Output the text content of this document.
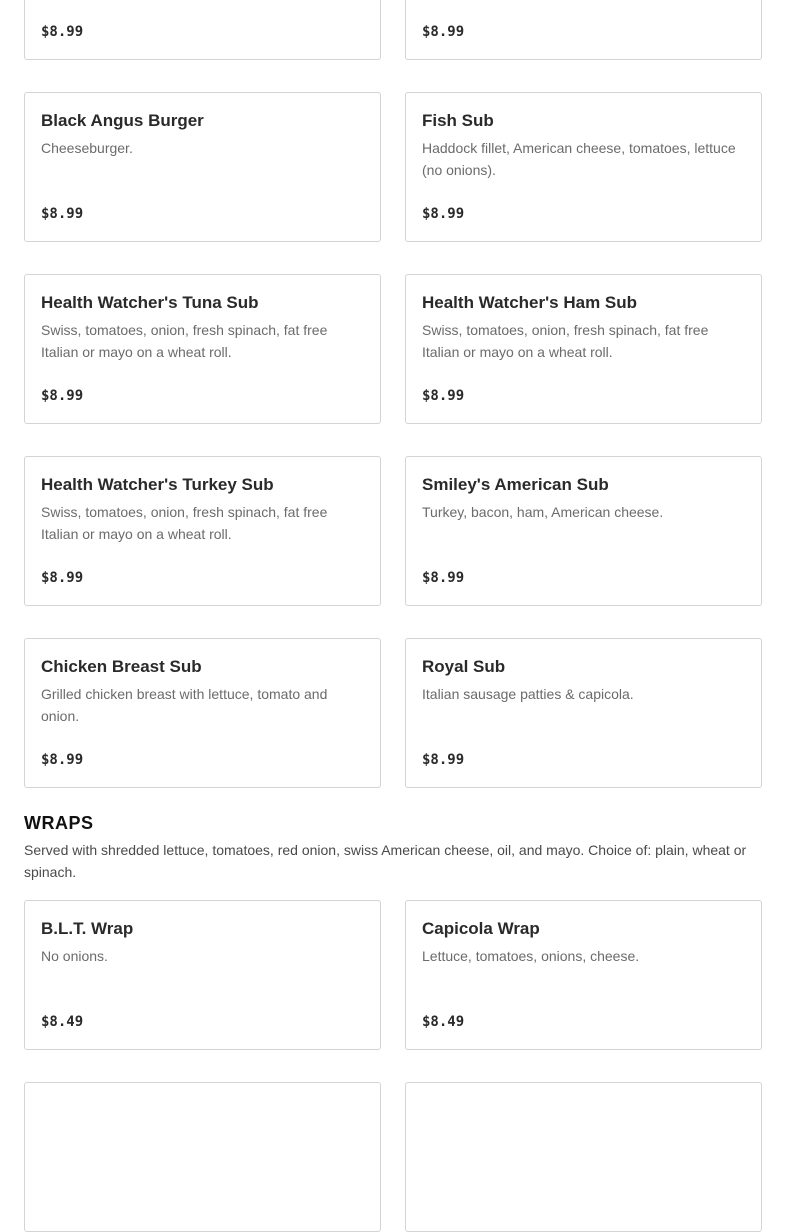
$8.99	$8.99
Black Angus Burger
Cheeseburger.
$8.99
Fish Sub
Haddock fillet, American cheese, tomatoes, lettuce (no onions).
$8.99
Health Watcher's Tuna Sub
Swiss, tomatoes, onion, fresh spinach, fat free Italian or mayo on a wheat roll.
$8.99
Health Watcher's Ham Sub
Swiss, tomatoes, onion, fresh spinach, fat free Italian or mayo on a wheat roll.
$8.99
Health Watcher's Turkey Sub
Swiss, tomatoes, onion, fresh spinach, fat free Italian or mayo on a wheat roll.
$8.99
Smiley's American Sub
Turkey, bacon, ham, American cheese.
$8.99
Chicken Breast Sub
Grilled chicken breast with lettuce, tomato and onion.
$8.99
Royal Sub
Italian sausage patties & capicola.
$8.99
WRAPS
Served with shredded lettuce, tomatoes, red onion, swiss American cheese, oil, and mayo. Choice of: plain, wheat or spinach.
B.L.T. Wrap
No onions.
$8.49
Capicola Wrap
Lettuce, tomatoes, onions, cheese.
$8.49
